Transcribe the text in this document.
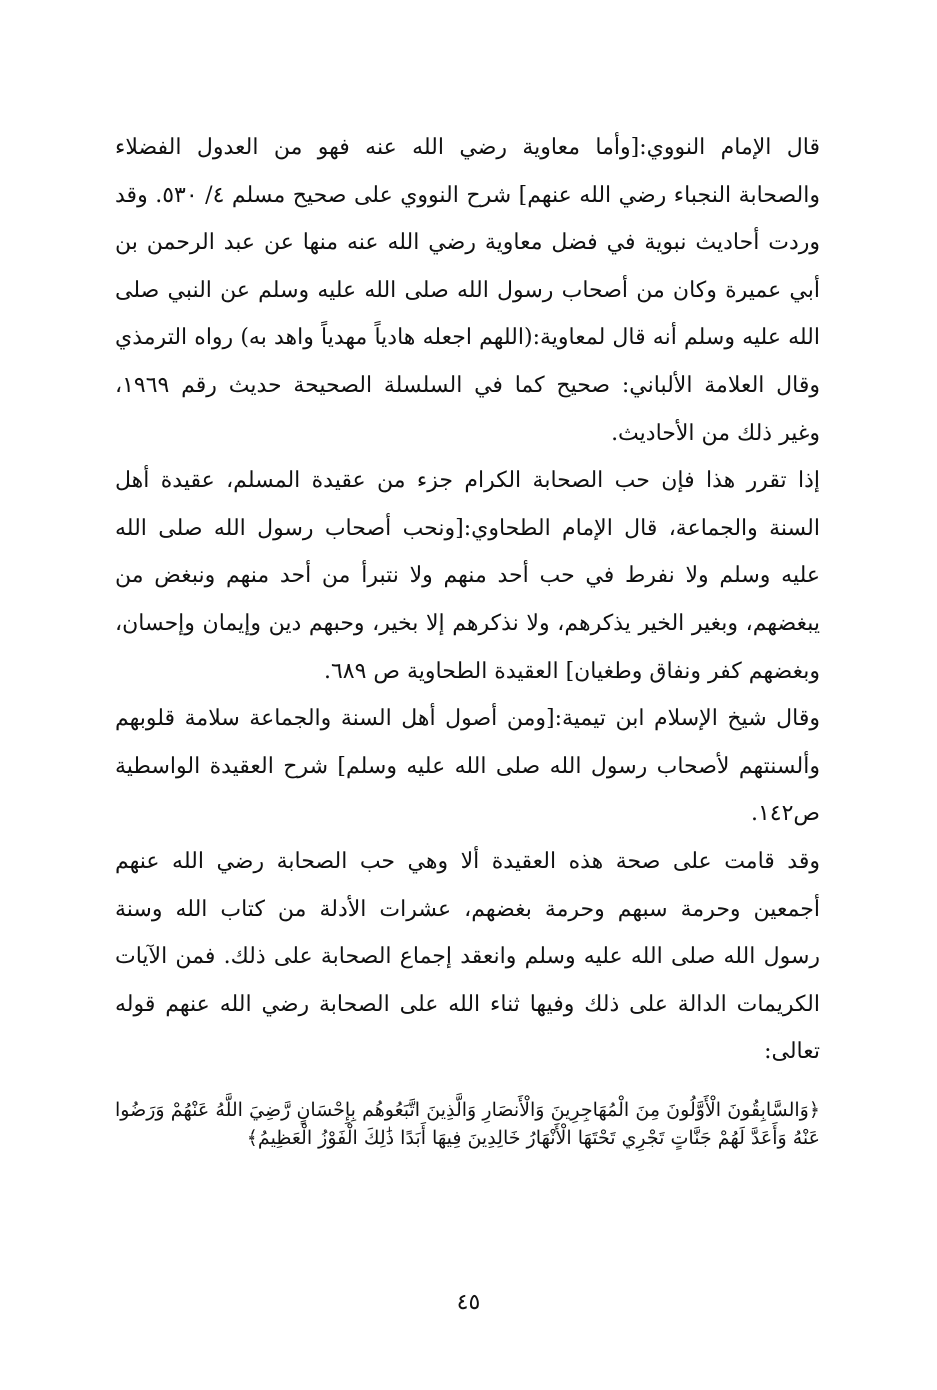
قال الإمام النووي:[وأما معاوية رضي الله عنه فهو من العدول الفضلاء والصحابة النجباء رضي الله عنهم] شرح النووي على صحيح مسلم ٤/ ٥٣٠. وقد وردت أحاديث نبوية في فضل معاوية رضي الله عنه منها عن عبد الرحمن بن أبي عميرة وكان من أصحاب رسول الله صلى الله عليه وسلم عن النبي صلى الله عليه وسلم أنه قال لمعاوية:(اللهم اجعله هادياً مهدياً واهد به) رواه الترمذي وقال العلامة الألباني: صحيح كما في السلسلة الصحيحة حديث رقم ١٩٦٩، وغير ذلك من الأحاديث.

إذا تقرر هذا فإن حب الصحابة الكرام جزء من عقيدة المسلم، عقيدة أهل السنة والجماعة، قال الإمام الطحاوي:[ونحب أصحاب رسول الله صلى الله عليه وسلم ولا نفرط في حب أحد منهم ولا نتبرأ من أحد منهم ونبغض من يبغضهم، وبغير الخير يذكرهم، ولا نذكرهم إلا بخير، وحبهم دين وإيمان وإحسان، وبغضهم كفر ونفاق وطغيان] العقيدة الطحاوية ص ٦٨٩.

وقال شيخ الإسلام ابن تيمية:[ومن أصول أهل السنة والجماعة سلامة قلوبهم وألسنتهم لأصحاب رسول الله صلى الله عليه وسلم] شرح العقيدة الواسطية ص١٤٢.

وقد قامت على صحة هذه العقيدة ألا وهي حب الصحابة رضي الله عنهم أجمعين وحرمة سبهم وحرمة بغضهم، عشرات الأدلة من كتاب الله وسنة رسول الله صلى الله عليه وسلم وانعقد إجماع الصحابة على ذلك. فمن الآيات الكريمات الدالة على ذلك وفيها ثناء الله على الصحابة رضي الله عنهم قوله تعالى:

﴿وَالسَّابِقُونَ الْأَوَّلُونَ مِنَ الْمُهَاجِرِينَ وَالْأَنصَارِ وَالَّذِينَ اتَّبَعُوهُم بِإِحْسَانٍ رَّضِيَ اللَّهُ عَنْهُمْ وَرَضُوا عَنْهُ وَأَعَدَّ لَهُمْ جَنَّاتٍ تَجْرِي تَحْتَهَا الْأَنْهَارُ خَالِدِينَ فِيهَا أَبَدًا ذَٰلِكَ الْفَوْزُ الْعَظِيمُ﴾
٤٥
